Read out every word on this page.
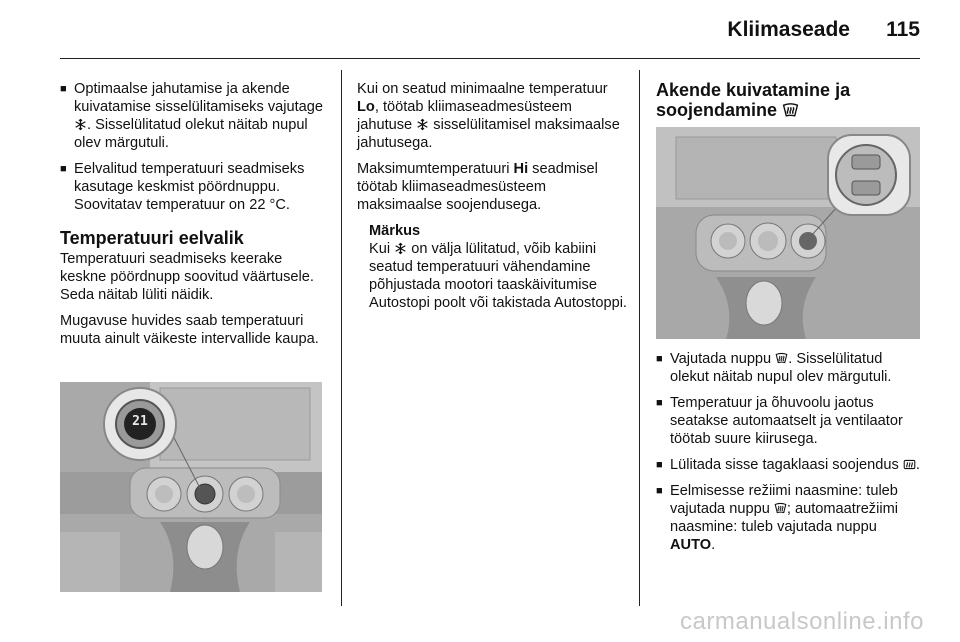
Kliimaseade 115
■ Optimaalse jahutamise ja akende kuivatamise sisselülitamiseks vajutage
. Sisselülitatud olekut näitab nupul olev märgutuli.
■ Eelvalitud temperatuuri seadmiseks kasutage keskmist pöördnuppu. Soovitatav temperatuur on 22 °C.
Temperatuuri eelvalik

Temperatuuri seadmiseks keerake keskne pöördnupp soovitud väärtusele. Seda näitab lüliti näidik.

Mugavuse huvides saab temperatuuri muuta ainult väikeste intervallide kaupa.

21

Kui on seatud minimaalne temperatuur Lo, töötab kliimaseadmesüsteem jahutuse
sisselülitamisel maksimaalse jahutusega.

Maksimumtemperatuuri Hi seadmisel töötab kliimaseadmesüsteem maksimaalse soojendusega.

Märkus
Kui
on välja lülitatud, võib kabiini seatud temperatuuri vähendamine põhjustada mootori taaskäivitumise Autostopi poolt või takistada Autostoppi.
Akende kuivatamine ja soojendamine
■ Vajutada nuppu
. Sisselülitatud olekut näitab nupul olev märgutuli.
■ Temperatuur ja õhuvoolu jaotus seatakse automaatselt ja ventilaator töötab suure kiirusega.
■ Lülitada sisse tagaklaasi soojendus
.
■ Eelmisesse režiimi naasmine: tuleb vajutada nuppu
; automaatrežiimi naasmine: tuleb vajutada nuppu AUTO.
carmanualsonline.info
